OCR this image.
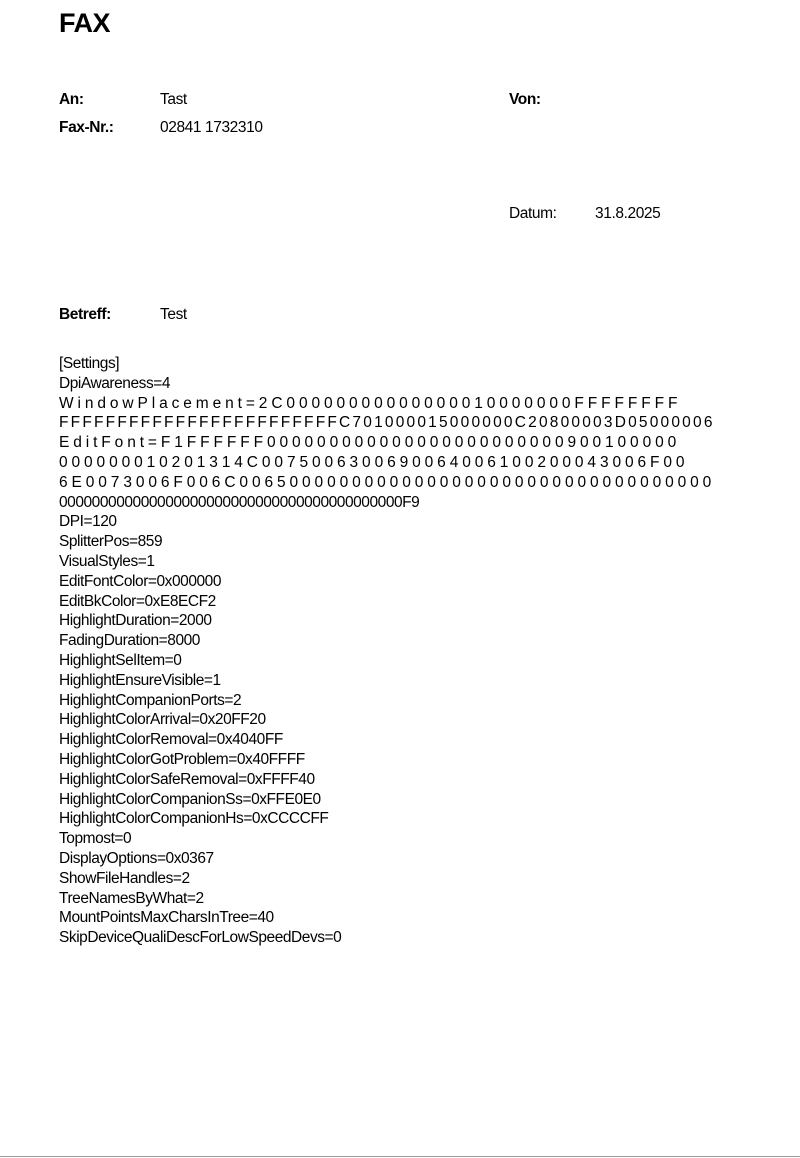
FAX
An:	Tast	Von:
Fax-Nr.:	02841 1732310
Datum: 31.8.2025
Betreff:	Test
[Settings]
DpiAwareness=4
WindowPlacement=2C00000000000000010000000FFFFFFFF
FFFFFFFFFFFFFFFFFFFFFFFFC701000015000000C20800003D05000006
EditFont=F1FFFFFF000000000000000000000000900100000
000000010201314C0075006300690064006100200043006F00
6E0073006F006C00650000000000000000000000000000000000
000000000000000000000000000000000000000000F9
DPI=120
SplitterPos=859
VisualStyles=1
EditFontColor=0x000000
EditBkColor=0xE8ECF2
HighlightDuration=2000
FadingDuration=8000
HighlightSelItem=0
HighlightEnsureVisible=1
HighlightCompanionPorts=2
HighlightColorArrival=0x20FF20
HighlightColorRemoval=0x4040FF
HighlightColorGotProblem=0x40FFFF
HighlightColorSafeRemoval=0xFFFF40
HighlightColorCompanionSs=0xFFE0E0
HighlightColorCompanionHs=0xCCCCFF
Topmost=0
DisplayOptions=0x0367
ShowFileHandles=2
TreeNamesByWhat=2
MountPointsMaxCharsInTree=40
SkipDeviceQualiDescForLowSpeedDevs=0
